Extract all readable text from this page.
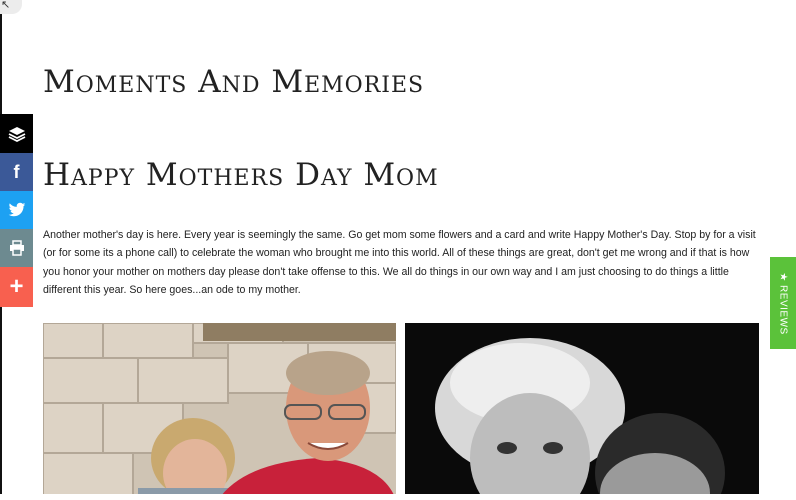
↖
f
+
Moments And Memories
Happy Mothers Day Mom

Another mother's day is here. Every year is seemingly the same. Go get mom some flowers and a card and write Happy Mother's Day. Stop by for a visit (or for some its a phone call) to celebrate the woman who brought me into this world. All of these things are great, don't get me wrong and if that is how you honor your mother on mothers day please don't take offense to this. We all do things in our own way and I am just choosing to do things a little different this year. So here goes...an ode to my mother.	★ REVIEWS
